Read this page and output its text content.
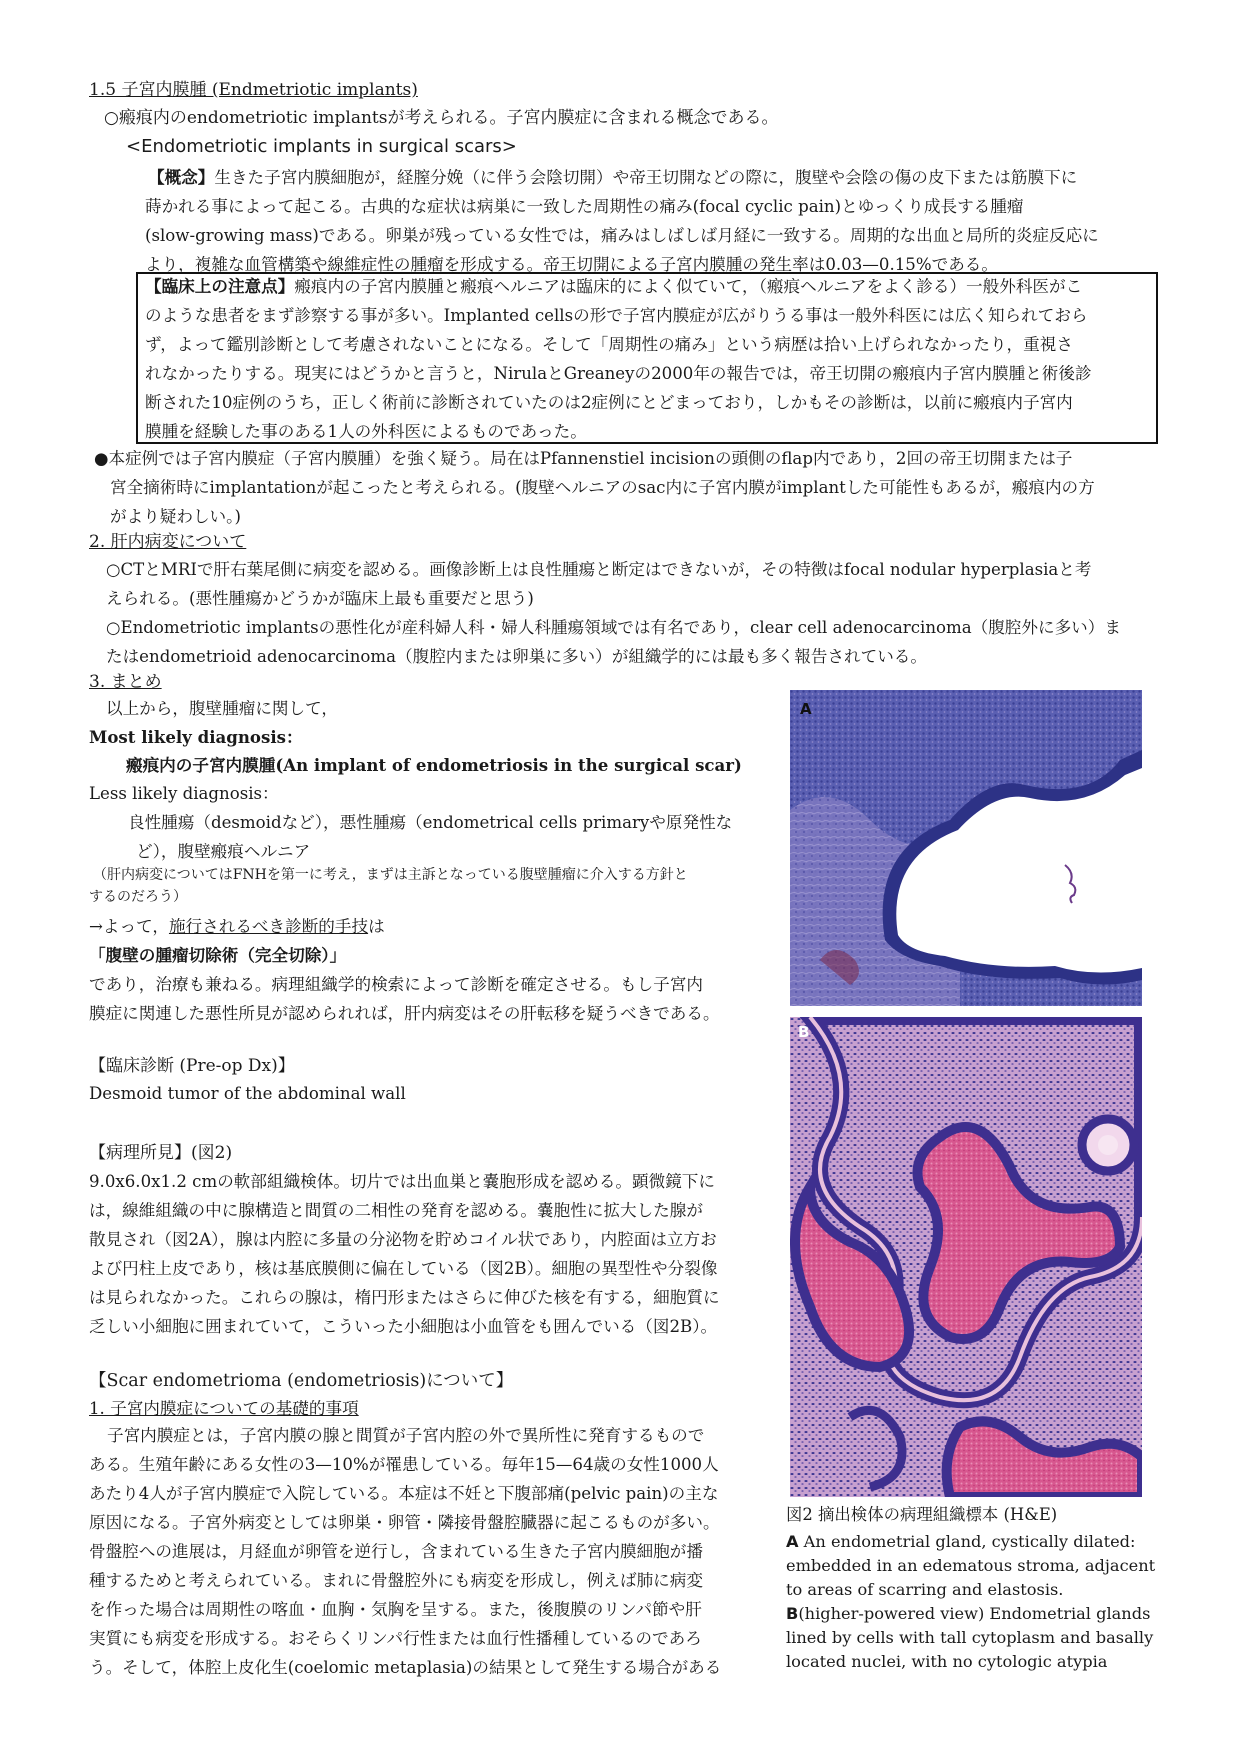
1.5 子宮内膜腫 (Endmetriotic implants)
○瘢痕内のendometriotic implantsが考えられる。子宮内膜症に含まれる概念である。
<Endometriotic implants in surgical scars>
【概念】生きた子宮内膜細胞が，経膣分娩（に伴う会陰切開）や帝王切開などの際に，腹壁や会陰の傷の皮下または筋膜下に
蒔かれる事によって起こる。古典的な症状は病巣に一致した周期性の痛み(focal cyclic pain)とゆっくり成長する腫瘤
(slow-growing mass)である。卵巣が残っている女性では，痛みはしばしば月経に一致する。周期的な出血と局所的炎症反応に
より，複雑な血管構築や線維症性の腫瘤を形成する。帝王切開による子宮内膜腫の発生率は0.03—0.15%である。
【臨床上の注意点】瘢痕内の子宮内膜腫と瘢痕ヘルニアは臨床的によく似ていて，（瘢痕ヘルニアをよく診る）一般外科医がこ
のような患者をまず診察する事が多い。Implanted cellsの形で子宮内膜症が広がりうる事は一般外科医には広く知られておら
ず，よって鑑別診断として考慮されないことになる。そして「周期性の痛み」という病歴は拾い上げられなかったり，重視さ
れなかったりする。現実にはどうかと言うと，NirulaとGreaneyの2000年の報告では，帝王切開の瘢痕内子宮内膜腫と術後診
断された10症例のうち，正しく術前に診断されていたのは2症例にとどまっており，しかもその診断は，以前に瘢痕内子宮内
膜腫を経験した事のある1人の外科医によるものであった。
●本症例では子宮内膜症（子宮内膜腫）を強く疑う。局在はPfannenstiel incisionの頭側のflap内であり，2回の帝王切開または子
宮全摘術時にimplantationが起こったと考えられる。(腹壁ヘルニアのsac内に子宮内膜がimplantした可能性もあるが，瘢痕内の方
がより疑わしい。)
2. 肝内病変について
○CTとMRIで肝右葉尾側に病変を認める。画像診断上は良性腫瘍と断定はできないが，その特徴はfocal nodular hyperplasiaと考
えられる。(悪性腫瘍かどうかが臨床上最も重要だと思う)
○Endometriotic implantsの悪性化が産科婦人科・婦人科腫瘍領域では有名であり，clear cell adenocarcinoma（腹腔外に多い）ま
たはendometrioid adenocarcinoma（腹腔内または卵巣に多い）が組織学的には最も多く報告されている。
3. まとめ
以上から，腹壁腫瘤に関して，
Most likely diagnosis：
瘢痕内の子宮内膜腫(An implant of endometriosis in the surgical scar)
Less likely diagnosis：
良性腫瘍（desmoidなど），悪性腫瘍（endometrical cells primaryや原発性な
ど），腹壁瘢痕ヘルニア
（肝内病変についてはFNHを第一に考え，まずは主訴となっている腹壁腫瘤に介入する方針と
するのだろう）
→よって，施行されるべき診断的手技は
「腹壁の腫瘤切除術（完全切除）」
であり，治療も兼ねる。病理組織学的検索によって診断を確定させる。もし子宮内
膜症に関連した悪性所見が認められれば，肝内病変はその肝転移を疑うべきである。
【臨床診断 (Pre-op Dx)】
Desmoid tumor of the abdominal wall
【病理所見】(図2)
9.0x6.0x1.2 cmの軟部組織検体。切片では出血巣と嚢胞形成を認める。顕微鏡下に
は，線維組織の中に腺構造と間質の二相性の発育を認める。嚢胞性に拡大した腺が
散見され（図2A），腺は内腔に多量の分泌物を貯めコイル状であり，内腔面は立方お
よび円柱上皮であり，核は基底膜側に偏在している（図2B）。細胞の異型性や分裂像
は見られなかった。これらの腺は，楕円形またはさらに伸びた核を有する，細胞質に
乏しい小細胞に囲まれていて，こういった小細胞は小血管をも囲んでいる（図2B）。
【Scar endometrioma (endometriosis)について】
1. 子宮内膜症についての基礎的事項
子宮内膜症とは，子宮内膜の腺と間質が子宮内腔の外で異所性に発育するもので
ある。生殖年齢にある女性の3—10%が罹患している。毎年15—64歳の女性1000人
あたり4人が子宮内膜症で入院している。本症は不妊と下腹部痛(pelvic pain)の主な
原因になる。子宮外病変としては卵巣・卵管・隣接骨盤腔臓器に起こるものが多い。
骨盤腔への進展は，月経血が卵管を逆行し，含まれている生きた子宮内膜細胞が播
種するためと考えられている。まれに骨盤腔外にも病変を形成し，例えば肺に病変
を作った場合は周期性の喀血・血胸・気胸を呈する。また，後腹膜のリンパ節や肝
実質にも病変を形成する。おそらくリンパ行性または血行性播種しているのであろ
う。そして，体腔上皮化生(coelomic metaplasia)の結果として発生する場合がある
A
B
図2 摘出検体の病理組織標本 (H&E)
A An endometrial gland, cystically dilated:
embedded in an edematous stroma, adjacent
to areas of scarring and elastosis.
B(higher-powered view) Endometrial glands
lined by cells with tall cytoplasm and basally
located nuclei, with no cytologic atypia
